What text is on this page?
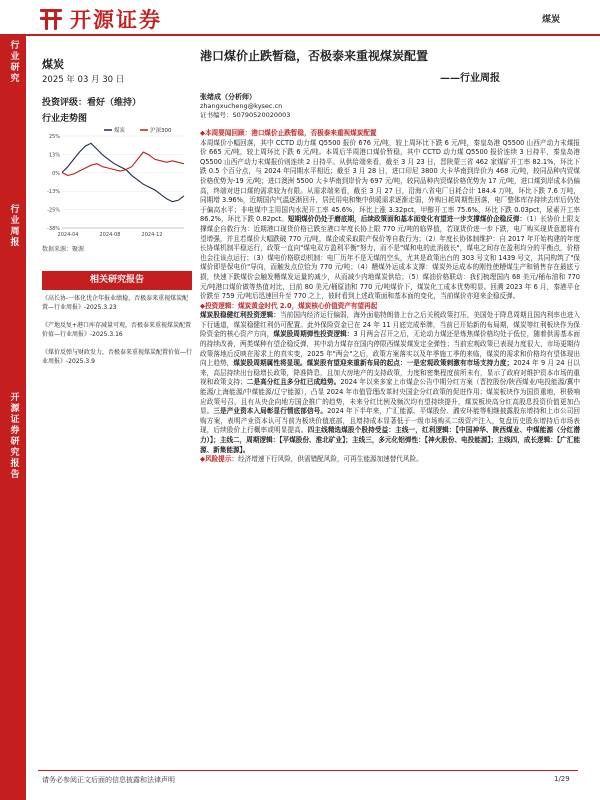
开源证券	煤炭
行业研究
行业周报
开源证券研究报告
煤炭
2025 年 03 月 30 日
港口煤价止跌暂稳，否极泰来重视煤炭配置
——行业周报
投资评级：看好（维持）
行业走势图
25%
13%
0%
-13%
-25%
-38%
2024-04	2024-08	2024-12
煤炭	沪深300
数据来源：聚源
张绪成（分析师）
zhangxucheng@kysec.cn
证书编号：S0790520020003
相关研究报告
《高长协-一体化优企年报业绩稳，否极泰来重视煤炭配置—行业周报》-2025.3.23
《产地反复+港口库存减量可观，否极泰来重视煤炭配置价值—行业周报》-2025.3.16
《煤价反弹与财政发力，否极泰来重视煤炭配置价值—行业周报》-2025.3.9

◆本周要闻回顾：港口煤价止跌暂稳，否极泰来重视煤炭配置

本周煤价小幅回落，其中 CCTD 动力煤 Q5500 报价 676 元/吨，较上周环比下跌 6 元/吨，秦皇岛港 Q5500 山西产动力末煤报价 665 元/吨，较上周环比下跌 6 元/吨。本周后半周港口煤价暂稳，其中 CCTD 动力煤 Q5500 报价连续 3 日持平，秦皇岛港 Q5500 山西产动力末煤报价则连续 2 日持平。从供给端来看，截至 3 月 23 日，晋陕蒙三省 462 家煤矿开工率 82.1%，环比下跌 0.5 个百分点，与 2024 年同期水平相近；截至 3 月 28 日，进口印尼 3800 大卡华南到岸价为 468 元/吨，较同品种内贸煤价格优势为-19 元/吨；进口澳洲 5500 大卡华南到岸价为 697 元/吨，较同品种内贸煤价格优势为 17 元/吨，进口煤到岸成本仍偏高，终端对进口煤的需求较为有限。从需求端来看，截至 3 月 27 日，沿海八省电厂日耗合计 184.4 万吨，环比下跌 7.6 万吨，同期增 3.96%，近期国内气温逐渐回升，居民用电和集中供暖需求逐渐走弱，外购日耗周期性回落，电厂整体库存持续去库后仍处于偏高水平；非电煤中主用国内水泥开工率 45.6%，环比上涨 3.32pct，甲醇开工率 75.6%，环比下跌 0.03pct，尿素开工率 86.2%，环比下跌 0.82pct。短期煤价仍处于磨底期，后续政策面和基本面变化有望进一步支撑煤价企稳反弹：（1）长协价上限支撑煤企自救行为：近期港口现货价格已跌至港口年度长协上限 770 元/吨的临界值，若现货价进一步下跌，电厂购买现货意愿将有望增强，并且若煤价大幅跌破 770 元/吨，煤企或采取限产保价等自救行为；（2）年度长协体制维护：自 2017 年开始构建的年度长协煤机制平稳运行，政策一直向"煤电双方盈利平衡"努力，而不是"煤和电的此消彼长"，煤电之间存在盈利均分的平衡点，价格也会往该点运行；（3）煤电价格联动机制：电厂历年不是无煤的空头，尤其是政策出台的 303 号文和 1439 号文，共同构筑了"保煤价即是保电价"导向，而触发点位恰为 770 元/吨；（4）糟煤外运成本支撑：煤炭外运成本的刚性使糟煤生产和销售存在最底亏损，快速下跌煤价会触发糟煤发运量的减少，从而减少内地煤炭供给；（5）煤油价格联动：我们梳理国内 68 美元/桶布油和 770 元/吨港口煤价做等热值对比，目前 80 美元/桶原油和 770 元/吨煤价下，煤炭化工成本优势明显。回溯 2023 年 6 月，秦港平仓价跌至 759 元/吨后迅速回升至 770 之上，彼时看到上述政策面和基本面的变化，当前煤价亦迎来企稳反弹。

◆投资逻辑：煤炭黄金时代 2.0，煤炭核心价值资产有望再起

煤炭股稳健红利投资逻辑：当前国内经济运行偏弱，海外面临特朗普上台之后关税政策打压，美国处于降息周期且国内利率也进入下行通道，煤炭稳健红利仍可配置。此外保险资金已在 24 年 11 月底完成举牌，当前已开始新的布局期，煤炭等红利板块作为保险资金的核心资产方向，煤炭股周期弹性投资逻辑：3 月两会召开之后，无论动力煤还是炼焦煤价格均处于低位，随着供需基本面的持续改善，两类煤种有望企稳反弹，其中动力煤存在国内停限西煤炭煤发定全弹性；当前宏观政策已表现力度很大，市场更期待政策落地后反映在需求上的真实变，2025 年"两会"之后，政策方案落实以及年季施工季的来临，煤炭的需求和价格均有望体现出向上趋势，煤炭股周期属性将显现。煤炭股有望迎来重新布局的起点：一是宏观政策刺激有市场支持力度；2024 年 9 月 24 日以来，高层持续出台稳增长政策，降准降息，且加大房地产的支持政策，力度和密集程度前所未有，显示了政府对维护资本市场的重视和政策支持；二是高分红且多分红已成趋势。2024 年以来多家上市煤企公告中期分红方案（晋控股份/陕西煤业/电投能源/冀中能源/上海能源/中煤能源/辽宁能源），凸显 2024 年市值管理改革时央国企分红政策的促进作用；煤炭板块作为国资重地，积极响应政策号召，且有从央企向地方国企推广的趋势，未来分红比例及频次均有望持续提升，煤炭板块高分红高股息投资价值更加凸显。三是产业资本入局彰显行情底部信号。2024 年下半年来，广汇能源、平煤股份、潞安环能等相继披露股东增持和上市公司回购方案，表明产业资本认可当前为板块价值底部，且增持成本显著低于一级市场购买二级资产注入，复盘历史股东增持后市场表现，后续股价上行概率或明显提高。四主线精选煤股个股持受益：主线一，红利逻辑：【中国神华、陕西煤业、中煤能源（分红潜力）】；主线二，周期逻辑：【平煤股份、淮北矿业】；主线三，多元化铝弹性：【神火股份、电投能源】；主线四，成长逻辑：【广汇能源、新集能源】。

◆风险提示：经济增速下行风险，供需错配风险，可再生能源加速替代风险。

请务必参阅正文后面的信息披露和法律声明	1/29
